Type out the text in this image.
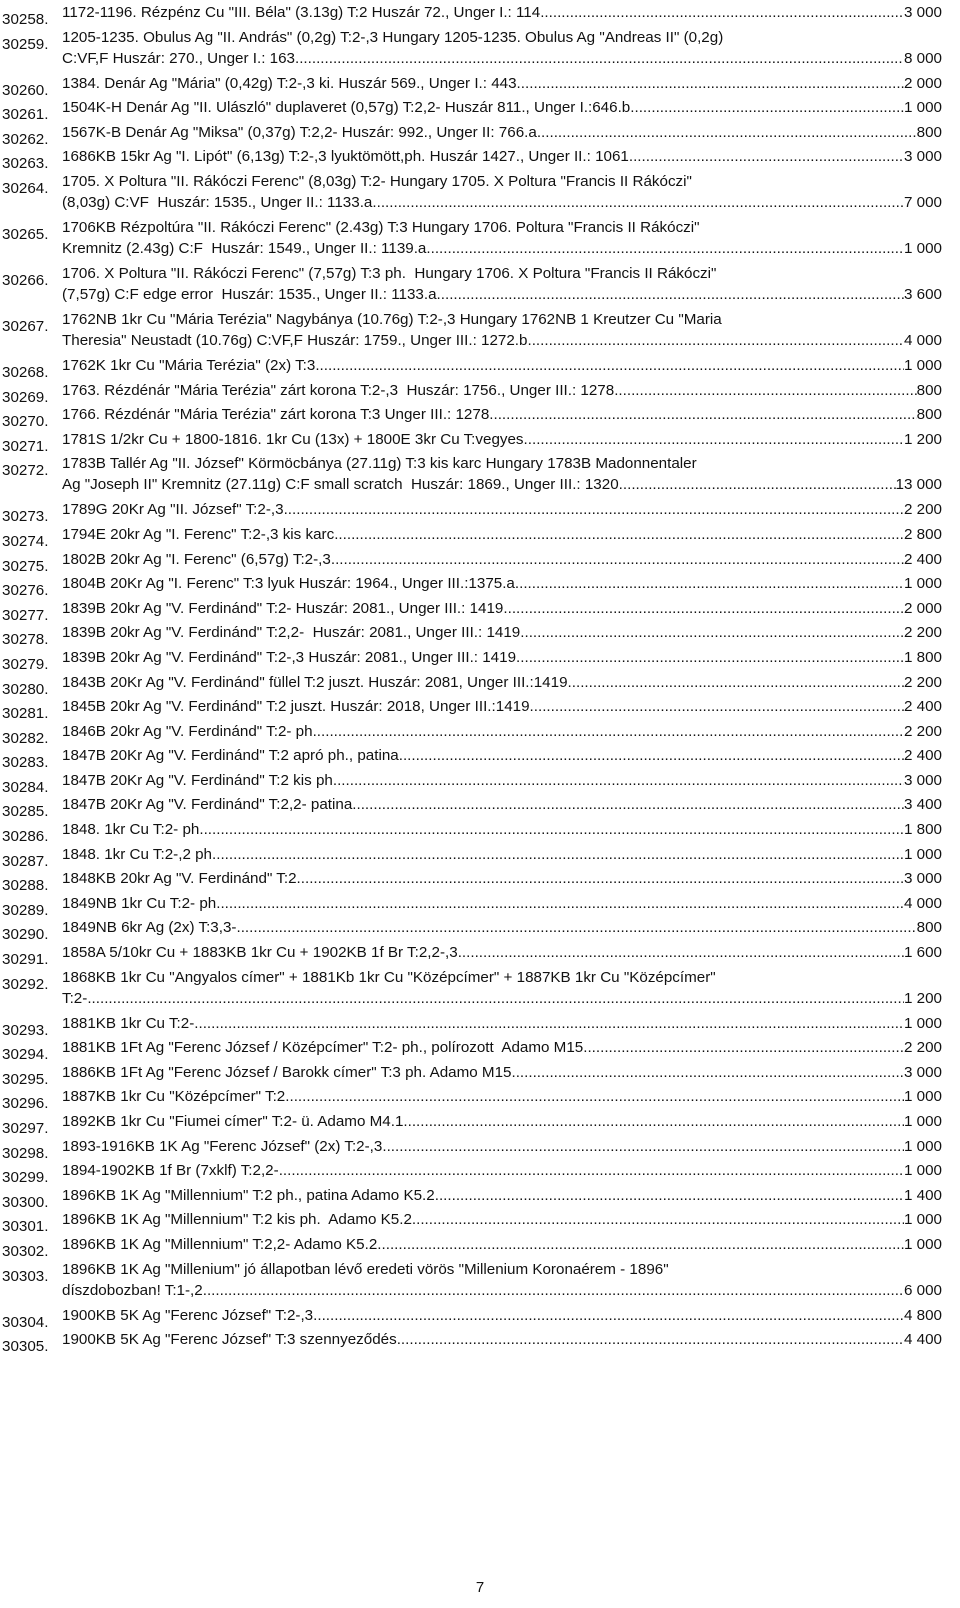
30258. 1172-1196. Rézpénz Cu "III. Béla" (3.13g) T:2 Huszár 72., Unger I.: 114. .....	3 000
30259. 1205-1235. Obulus Ag "II. András" (0,2g) T:2-,3 Hungary 1205-1235. Obulus Ag "Andreas II" (0,2g)
C:VF,F Huszár: 270., Unger I.: 163. .....	8 000
30260. 1384. Denár Ag "Mária" (0,42g) T:2-,3 ki. Huszár 569., Unger I.: 443. .....	2 000
30261. 1504K-H Denár Ag "II. Ulászló" duplaveret (0,57g) T:2,2- Huszár 811., Unger I.:646.b. .....	1 000
30262. 1567K-B Denár Ag "Miksa" (0,37g) T:2,2- Huszár: 992., Unger II: 766.a .....	800
30263. 1686KB 15kr Ag "I. Lipót" (6,13g) T:2-,3 lyuktömött,ph. Huszár 1427., Unger II.: 1061. .....	3 000
30264. 1705. X Poltura "II. Rákóczi Ferenc" (8,03g) T:2- Hungary 1705. X Poltura "Francis II Rákóczi"
(8,03g) C:VF  Huszár: 1535., Unger II.: 1133.a .....	7 000
30265. 1706KB Rézpoltúra "II. Rákóczi Ferenc" (2.43g) T:3 Hungary 1706. Poltura "Francis II Rákóczi"
Kremnitz (2.43g) C:F  Huszár: 1549., Unger II.: 1139.a .....	1 000
30266. 1706. X Poltura "II. Rákóczi Ferenc" (7,57g) T:3 ph.  Hungary 1706. X Poltura "Francis II Rákóczi"
(7,57g) C:F edge error  Huszár: 1535., Unger II.: 1133.a .....	3 600
30267. 1762NB 1kr Cu "Mária Terézia" Nagybánya (10.76g) T:2-,3 Hungary 1762NB 1 Kreutzer Cu "Maria
Theresia" Neustadt (10.76g) C:VF,F Huszár: 1759., Unger III.: 1272.b. .....	4 000
30268. 1762K 1kr Cu "Mária Terézia" (2x) T:3 .....	1 000
30269. 1763. Rézdénár "Mária Terézia" zárt korona T:2-,3  Huszár: 1756., Unger III.: 1278. .....	800
30270. 1766. Rézdénár "Mária Terézia" zárt korona T:3 Unger III.: 1278. .....	800
30271. 1781S 1/2kr Cu + 1800-1816. 1kr Cu (13x) + 1800E 3kr Cu T:vegyes .....	1 200
30272. 1783B Tallér Ag "II. József" Körmöcbánya (27.11g) T:3 kis karc Hungary 1783B Madonnentaler
Ag "Joseph II" Kremnitz (27.11g) C:F small scratch  Huszár: 1869., Unger III.: 1320. .....	13 000
30273. 1789G 20Kr Ag "II. József" T:2-,3 .....	2 200
30274. 1794E 20kr Ag "I. Ferenc" T:2-,3 kis karc .....	2 800
30275. 1802B 20kr Ag "I. Ferenc" (6,57g) T:2-,3 .....	2 400
30276. 1804B 20Kr Ag "I. Ferenc" T:3 lyuk Huszár: 1964., Unger III.:1375.a .....	1 000
30277. 1839B 20kr Ag "V. Ferdinánd" T:2- Huszár: 2081., Unger III.: 1419. .....	2 000
30278. 1839B 20kr Ag "V. Ferdinánd" T:2,2-  Huszár: 2081., Unger III.: 1419. .....	2 200
30279. 1839B 20kr Ag "V. Ferdinánd" T:2-,3 Huszár: 2081., Unger III.: 1419. .....	1 800
30280. 1843B 20Kr Ag "V. Ferdinánd" füllel T:2 juszt. Huszár: 2081, Unger III.:1419. .....	2 200
30281. 1845B 20kr Ag "V. Ferdinánd" T:2 juszt. Huszár: 2018, Unger III.:1419. .....	2 400
30282. 1846B 20kr Ag "V. Ferdinánd" T:2- ph. .....	2 200
30283. 1847B 20Kr Ag "V. Ferdinánd" T:2 apró ph., patina .....	2 400
30284. 1847B 20Kr Ag "V. Ferdinánd" T:2 kis ph. .....	3 000
30285. 1847B 20Kr Ag "V. Ferdinánd" T:2,2- patina .....	3 400
30286. 1848. 1kr Cu T:2- ph. .....	1 800
30287. 1848. 1kr Cu T:2-,2 ph. .....	1 000
30288. 1848KB 20kr Ag "V. Ferdinánd" T:2 .....	3 000
30289. 1849NB 1kr Cu T:2- ph. .....	4 000
30290. 1849NB 6kr Ag (2x) T:3,3- .....	800
30291. 1858A 5/10kr Cu + 1883KB 1kr Cu + 1902KB 1f Br T:2,2-,3 .....	1 600
30292. 1868KB 1kr Cu "Angyalos címer" + 1881Kb 1kr Cu "Középcímer" + 1887KB 1kr Cu "Középcímer"
T:2- .....	1 200
30293. 1881KB 1kr Cu T:2- .....	1 000
30294. 1881KB 1Ft Ag "Ferenc József / Középcímer" T:2- ph., polírozott  Adamo M15 .....	2 200
30295. 1886KB 1Ft Ag "Ferenc József / Barokk címer" T:3 ph. Adamo M15 .....	3 000
30296. 1887KB 1kr Cu "Középcímer" T:2 .....	1 000
30297. 1892KB 1kr Cu "Fiumei címer" T:2- ü. Adamo M4.1 .....	1 000
30298. 1893-1916KB 1K Ag "Ferenc József" (2x) T:2-,3 .....	1 000
30299. 1894-1902KB 1f Br (7xklf) T:2,2- .....	1 000
30300. 1896KB 1K Ag "Millennium" T:2 ph., patina Adamo K5.2 .....	1 400
30301. 1896KB 1K Ag "Millennium" T:2 kis ph.  Adamo K5.2 .....	1 000
30302. 1896KB 1K Ag "Millennium" T:2,2- Adamo K5.2 .....	1 000
30303. 1896KB 1K Ag "Millenium" jó állapotban lévő eredeti vörös "Millenium Koronaérem - 1896"
díszdobozban! T:1-,2 .....	6 000
30304. 1900KB 5K Ag "Ferenc József" T:2-,3 .....	4 800
30305. 1900KB 5K Ag "Ferenc József" T:3 szennyeződés .....	4 400
7
